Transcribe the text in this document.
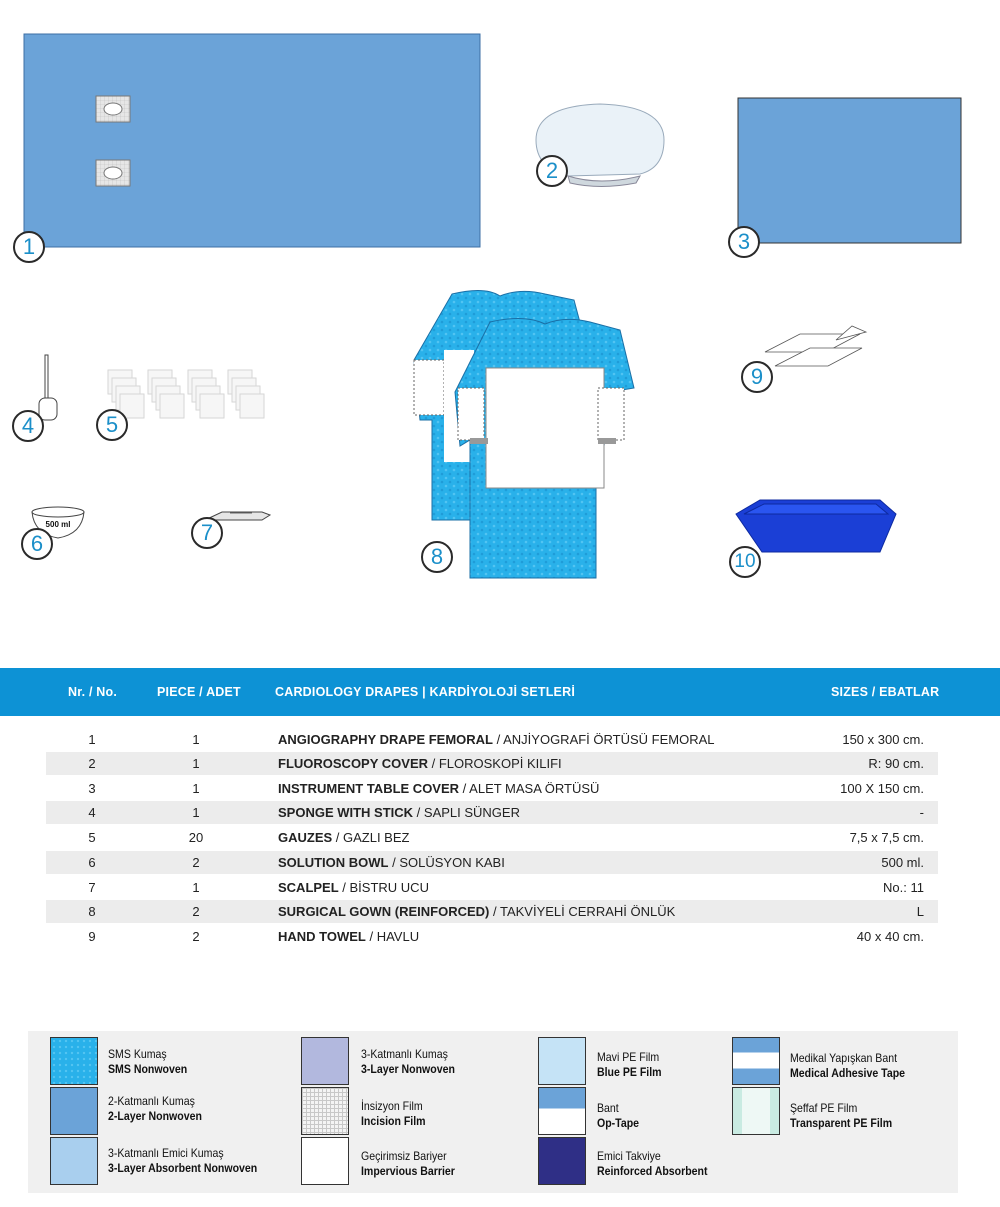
500 ml
1
2
3
4	5
6	7
8
9
10
Nr. / No.	PIECE / ADET	CARDIOLOGY DRAPES | KARDİYOLOJİ SETLERİ	SIZES / EBATLAR
1	1	ANGIOGRAPHY DRAPE FEMORAL / ANJİYOGRAFİ ÖRTÜSÜ FEMORAL	150 x 300 cm.
2	1	FLUOROSCOPY COVER / FLOROSKOPİ KILIFI	R: 90 cm.
3	1	INSTRUMENT TABLE COVER / ALET MASA ÖRTÜSÜ	100 X 150 cm.
4	1	SPONGE WITH STICK / SAPLI SÜNGER	-
5	20	GAUZES / GAZLI BEZ	7,5 x 7,5 cm.
6	2	SOLUTION BOWL / SOLÜSYON KABI	500 ml.
7	1	SCALPEL / BİSTRU UCU	No.: 11
8	2	SURGICAL GOWN (REINFORCED) / TAKVİYELİ CERRAHİ ÖNLÜK	L
9	2	HAND TOWEL / HAVLU	40 x 40 cm.
SMS Kumaş
SMS Nonwoven
2-Katmanlı Kumaş
2-Layer Nonwoven
3-Katmanlı Emici Kumaş
3-Layer Absorbent Nonwoven
3-Katmanlı Kumaş
3-Layer Nonwoven
İnsizyon Film
Incision Film
Geçirimsiz Bariyer
Impervious Barrier
Mavi PE Film
Blue PE Film
Bant
Op-Tape
Emici Takviye
Reinforced Absorbent
Medikal Yapışkan Bant
Medical Adhesive Tape
Şeffaf PE Film
Transparent PE Film
